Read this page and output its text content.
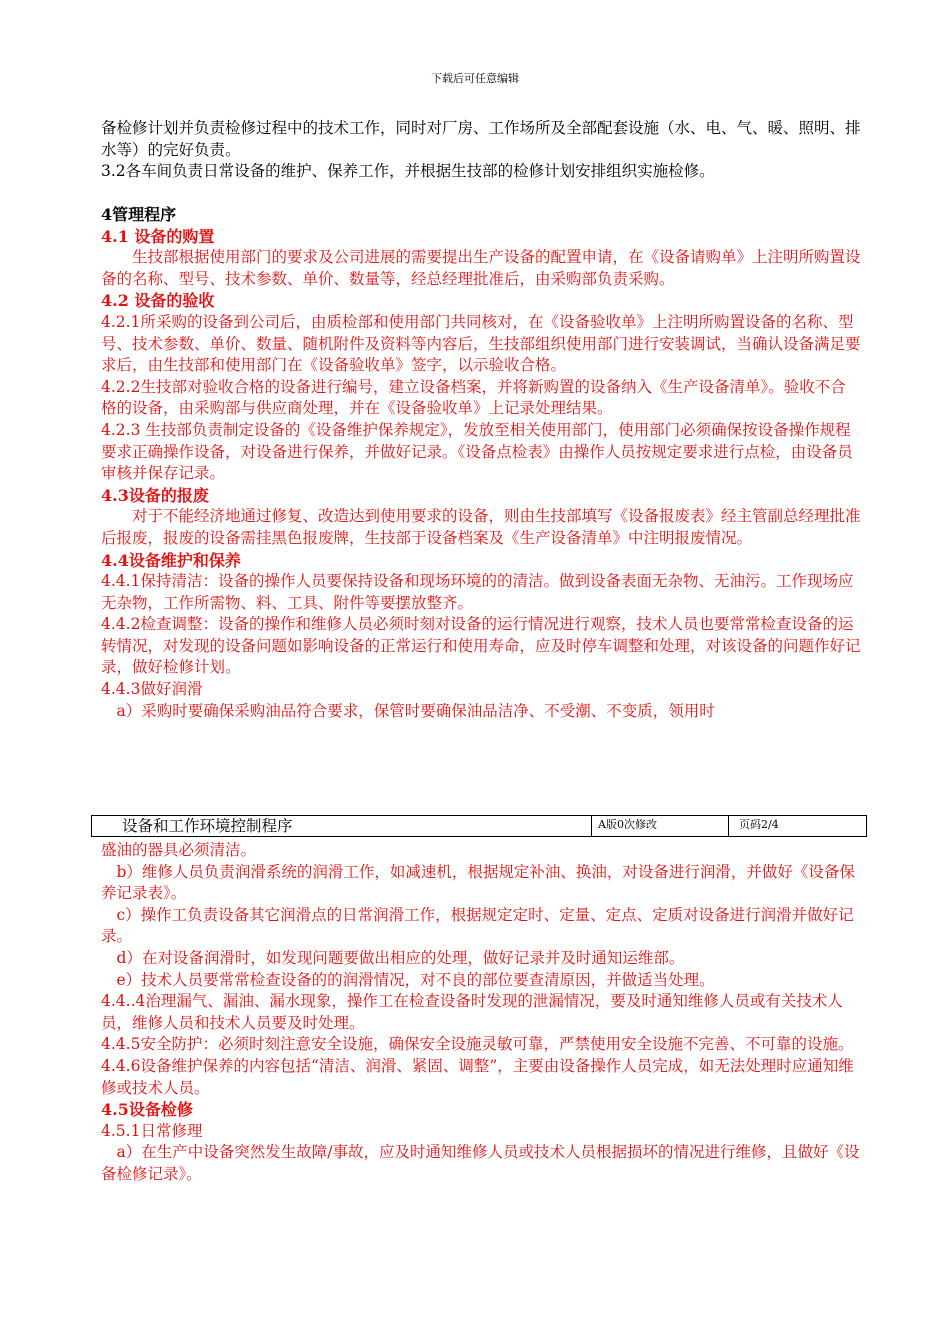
下载后可任意编辑

备检修计划并负责检修过程中的技术工作，同时对厂房、工作场所及全部配套设施（水、电、气、暖、照明、排水等）的完好负责。

3.2各车间负责日常设备的维护、保养工作，并根据生技部的检修计划安排组织实施检修。

4管理程序

4.1 设备的购置

生技部根据使用部门的要求及公司进展的需要提出生产设备的配置申请，在《设备请购单》上注明所购置设备的名称、型号、技术参数、单价、数量等，经总经理批准后，由采购部负责采购。

4.2 设备的验收

4.2.1所采购的设备到公司后，由质检部和使用部门共同核对，在《设备验收单》上注明所购置设备的名称、型号、技术参数、单价、数量、随机附件及资料等内容后，生技部组织使用部门进行安装调试，当确认设备满足要求后，由生技部和使用部门在《设备验收单》签字，以示验收合格。

4.2.2生技部对验收合格的设备进行编号，建立设备档案，并将新购置的设备纳入《生产设备清单》。验收不合格的设备，由采购部与供应商处理，并在《设备验收单》上记录处理结果。

4.2.3 生技部负责制定设备的《设备维护保养规定》，发放至相关使用部门，使用部门必须确保按设备操作规程要求正确操作设备，对设备进行保养，并做好记录。《设备点检表》由操作人员按规定要求进行点检，由设备员审核并保存记录。

4.3设备的报废

对于不能经济地通过修复、改造达到使用要求的设备，则由生技部填写《设备报废表》经主管副总经理批准后报废，报废的设备需挂黑色报废牌，生技部于设备档案及《生产设备清单》中注明报废情况。

4.4设备维护和保养

4.4.1保持清洁：设备的操作人员要保持设备和现场环境的的清洁。做到设备表面无杂物、无油污。工作现场应无杂物，工作所需物、料、工具、附件等要摆放整齐。

4.4.2检查调整：设备的操作和维修人员必须时刻对设备的运行情况进行观察，技术人员也要常常检查设备的运转情况，对发现的设备问题如影响设备的正常运行和使用寿命，应及时停车调整和处理，对该设备的问题作好记录，做好检修计划。

4.4.3做好润滑

a）采购时要确保采购油品符合要求，保管时要确保油品洁净、不受潮、不变质，领用时

设备和工作环境控制程序	A版0次修改	页码2/4

盛油的器具必须清洁。

b）维修人员负责润滑系统的润滑工作，如减速机，根据规定补油、换油，对设备进行润滑，并做好《设备保养记录表》。

c）操作工负责设备其它润滑点的日常润滑工作，根据规定定时、定量、定点、定质对设备进行润滑并做好记录。

d）在对设备润滑时，如发现问题要做出相应的处理，做好记录并及时通知运维部。

e）技术人员要常常检查设备的的润滑情况，对不良的部位要查清原因，并做适当处理。

4.4..4治理漏气、漏油、漏水现象，操作工在检查设备时发现的泄漏情况，要及时通知维修人员或有关技术人员，维修人员和技术人员要及时处理。

4.4.5安全防护：必须时刻注意安全设施，确保安全设施灵敏可靠，严禁使用安全设施不完善、不可靠的设施。

4.4.6设备维护保养的内容包括“清洁、润滑、紧固、调整”，主要由设备操作人员完成，如无法处理时应通知维修或技术人员。

4.5设备检修

4.5.1日常修理

a）在生产中设备突然发生故障/事故，应及时通知维修人员或技术人员根据损坏的情况进行维修，且做好《设备检修记录》。
